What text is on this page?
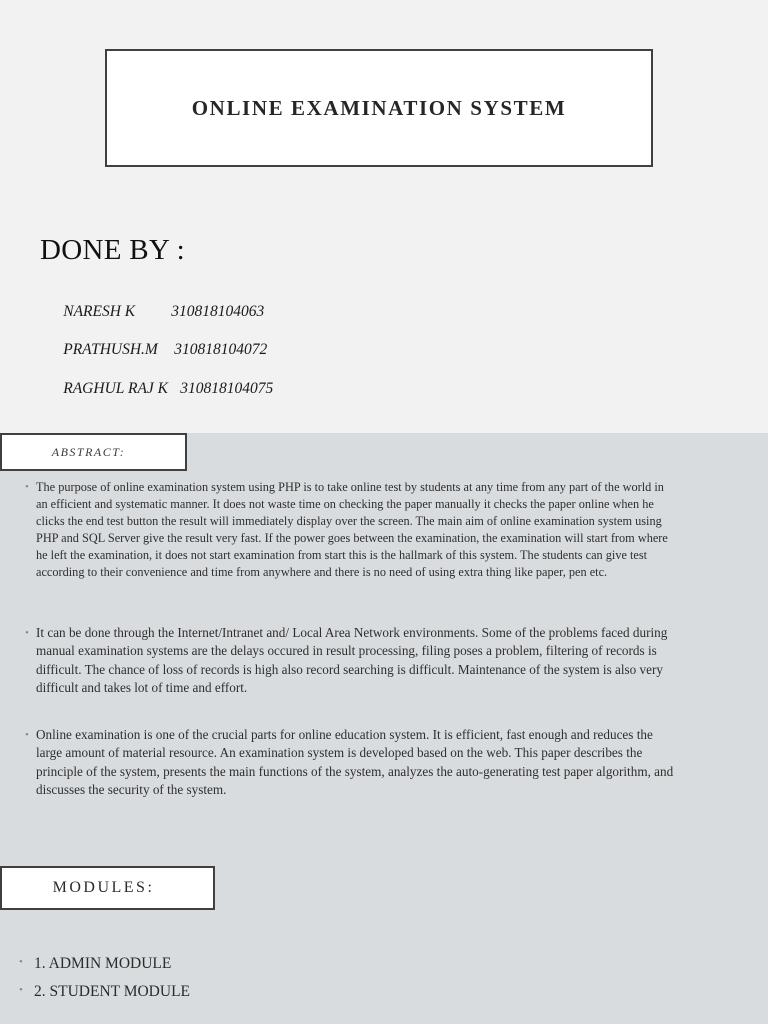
ONLINE EXAMINATION SYSTEM
DONE BY :

NARESH K 310818104063

PRATHUSH.M 310818104072

RAGHUL RAJ K 310818104075

ABSTRACT:
• The purpose of online examination system using PHP is to take online test by students at any time from any part of the world in an efficient and systematic manner. It does not waste time on checking the paper manually it checks the paper online when he clicks the end test button the result will immediately display over the screen. The main aim of online examination system using PHP and SQL Server give the result very fast. If the power goes between the examination, the examination will start from where he left the examination, it does not start examination from start this is the hallmark of this system. The students can give test according to their convenience and time from anywhere and there is no need of using extra thing like paper, pen etc.
• It can be done through the Internet/Intranet and/ Local Area Network environments. Some of the problems faced during manual examination systems are the delays occured in result processing, filing poses a problem, filtering of records is difficult. The chance of loss of records is high also record searching is difficult. Maintenance of the system is also very difficult and takes lot of time and effort.
• Online examination is one of the crucial parts for online education system. It is efficient, fast enough and reduces the large amount of material resource. An examination system is developed based on the web. This paper describes the principle of the system, presents the main functions of the system, analyzes the auto-generating test paper algorithm, and discusses the security of the system.
MODULES:
• 1. ADMIN MODULE
• 2. STUDENT MODULE
